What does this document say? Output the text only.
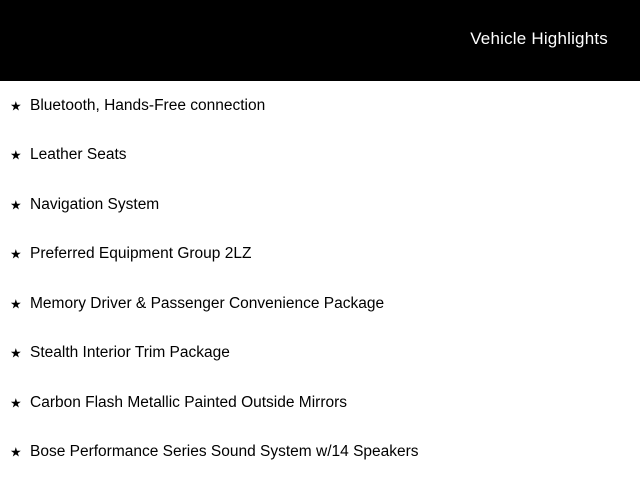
Vehicle Highlights
★ Bluetooth, Hands-Free connection
★ Leather Seats
★ Navigation System
★ Preferred Equipment Group 2LZ
★ Memory Driver & Passenger Convenience Package
★ Stealth Interior Trim Package
★ Carbon Flash Metallic Painted Outside Mirrors
★ Bose Performance Series Sound System w/14 Speakers
